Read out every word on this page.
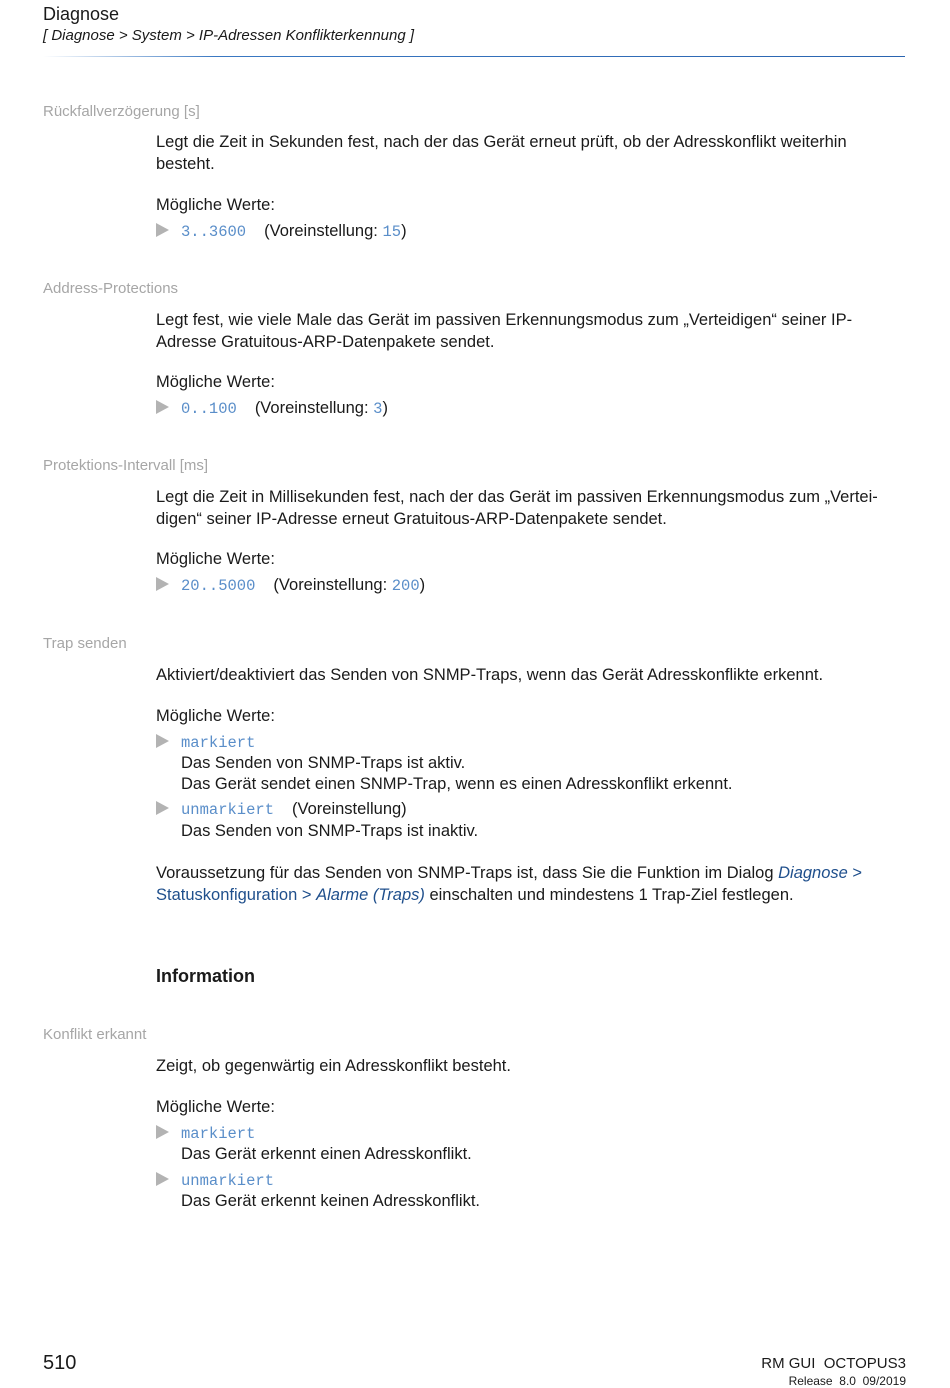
Diagnose
[ Diagnose > System > IP-Adressen Konflikterkennung ]
Rückfallverzögerung [s]
Legt die Zeit in Sekunden fest, nach der das Gerät erneut prüft, ob der Adresskonflikt weiterhin besteht.
Mögliche Werte:
3..3600 (Voreinstellung: 15)
Address-Protections
Legt fest, wie viele Male das Gerät im passiven Erkennungsmodus zum „Verteidigen“ seiner IP-Adresse Gratuitous-ARP-Datenpakete sendet.
Mögliche Werte:
0..100 (Voreinstellung: 3)
Protektions-Intervall [ms]
Legt die Zeit in Millisekunden fest, nach der das Gerät im passiven Erkennungsmodus zum „Vertei-
digen“ seiner IP-Adresse erneut Gratuitous-ARP-Datenpakete sendet.
Mögliche Werte:
20..5000 (Voreinstellung: 200)
Trap senden
Aktiviert/deaktiviert das Senden von SNMP-Traps, wenn das Gerät Adresskonflikte erkennt.
Mögliche Werte:
markiert
Das Senden von SNMP-Traps ist aktiv.
Das Gerät sendet einen SNMP-Trap, wenn es einen Adresskonflikt erkennt.
unmarkiert (Voreinstellung)
Das Senden von SNMP-Traps ist inaktiv.
Voraussetzung für das Senden von SNMP-Traps ist, dass Sie die Funktion im Dialog Diagnose > Statuskonfiguration > Alarme (Traps) einschalten und mindestens 1 Trap-Ziel festlegen.
Information
Konflikt erkannt
Zeigt, ob gegenwärtig ein Adresskonflikt besteht.
Mögliche Werte:
markiert
Das Gerät erkennt einen Adresskonflikt.
unmarkiert
Das Gerät erkennt keinen Adresskonflikt.
510	RM GUI  OCTOPUS3
Release  8.0  09/2019
